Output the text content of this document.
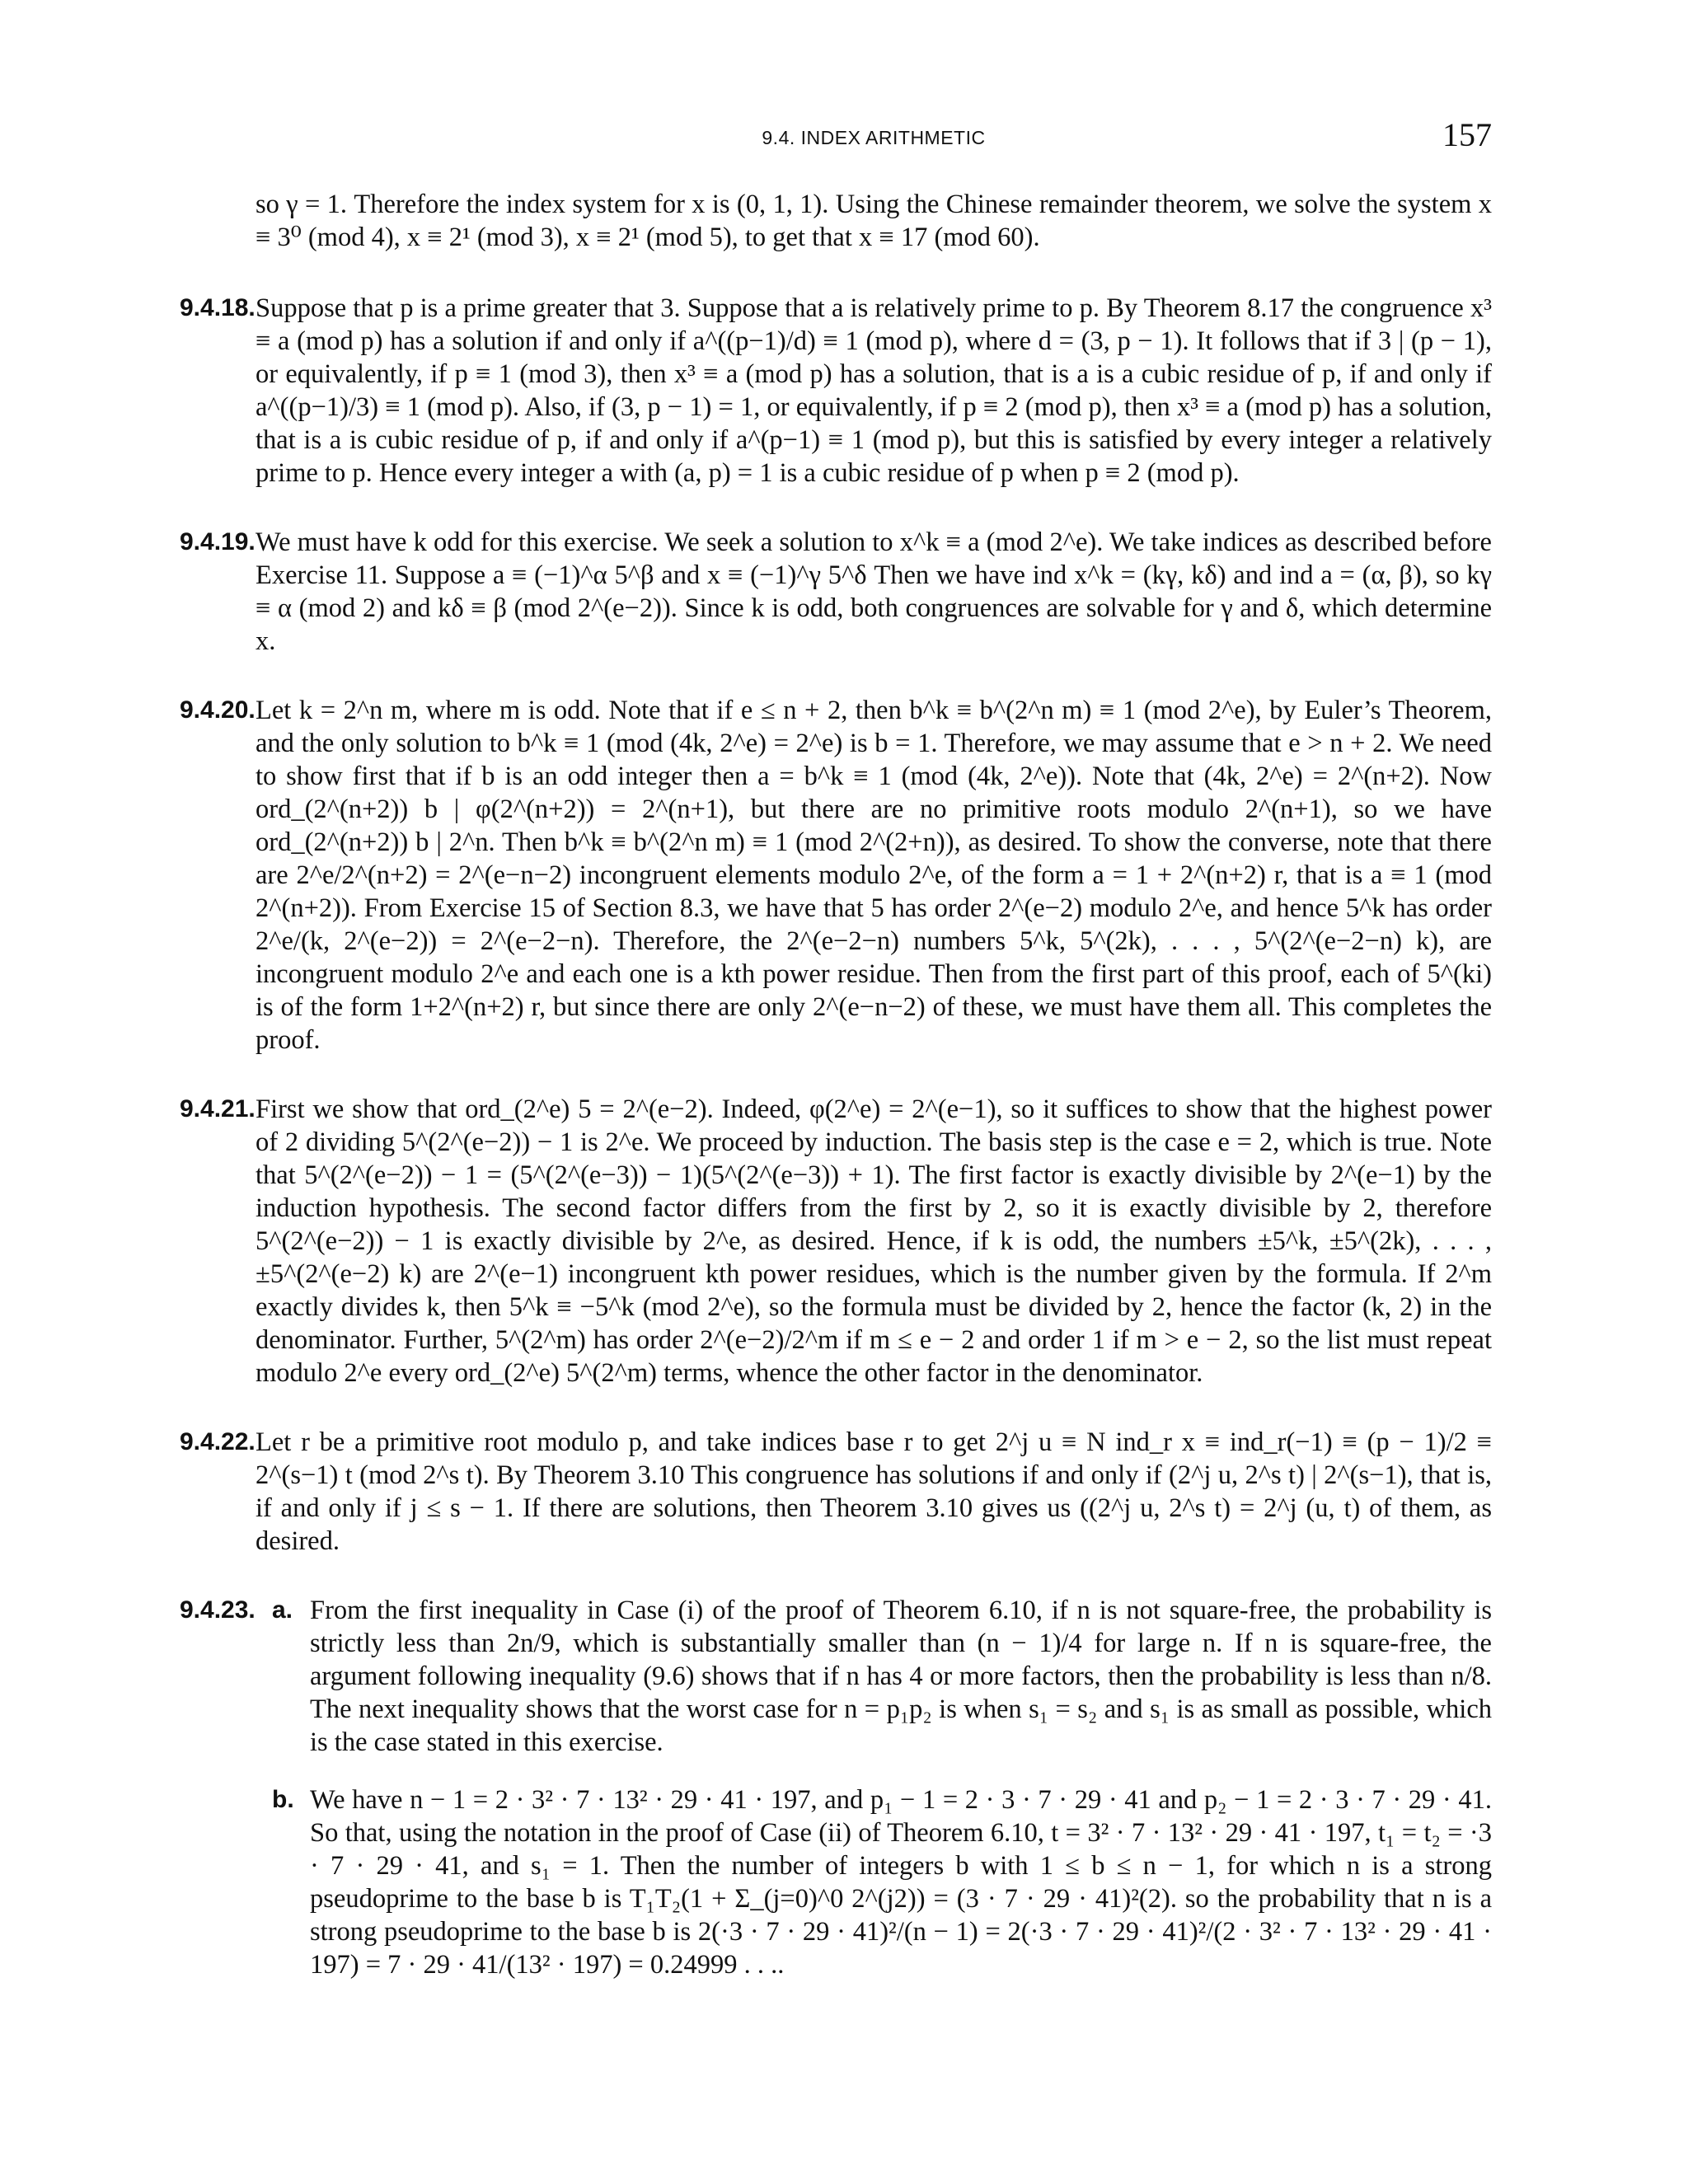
9.4. INDEX ARITHMETIC	157

so γ = 1. Therefore the index system for x is (0, 1, 1). Using the Chinese remainder theorem, we solve the system x ≡ 3⁰ (mod 4), x ≡ 2¹ (mod 3), x ≡ 2¹ (mod 5), to get that x ≡ 17 (mod 60).

9.4.18. Suppose that p is a prime greater that 3. Suppose that a is relatively prime to p. By Theorem 8.17 the congruence x³ ≡ a (mod p) has a solution if and only if a^((p−1)/d) ≡ 1 (mod p), where d = (3, p − 1). It follows that if 3 | (p − 1), or equivalently, if p ≡ 1 (mod 3), then x³ ≡ a (mod p) has a solution, that is a is a cubic residue of p, if and only if a^((p−1)/3) ≡ 1 (mod p). Also, if (3, p − 1) = 1, or equivalently, if p ≡ 2 (mod p), then x³ ≡ a (mod p) has a solution, that is a is cubic residue of p, if and only if a^(p−1) ≡ 1 (mod p), but this is satisfied by every integer a relatively prime to p. Hence every integer a with (a, p) = 1 is a cubic residue of p when p ≡ 2 (mod p).

9.4.19. We must have k odd for this exercise. We seek a solution to x^k ≡ a (mod 2^e). We take indices as described before Exercise 11. Suppose a ≡ (−1)^α 5^β and x ≡ (−1)^γ 5^δ Then we have ind x^k = (kγ, kδ) and ind a = (α, β), so kγ ≡ α (mod 2) and kδ ≡ β (mod 2^(e−2)). Since k is odd, both congruences are solvable for γ and δ, which determine x.

9.4.20. Let k = 2^n m, where m is odd. Note that if e ≤ n + 2, then b^k ≡ b^(2^n m) ≡ 1 (mod 2^e), by Euler’s Theorem, and the only solution to b^k ≡ 1 (mod (4k, 2^e) = 2^e) is b = 1. Therefore, we may assume that e > n + 2. We need to show first that if b is an odd integer then a = b^k ≡ 1 (mod (4k, 2^e)). Note that (4k, 2^e) = 2^(n+2). Now ord_(2^(n+2)) b | φ(2^(n+2)) = 2^(n+1), but there are no primitive roots modulo 2^(n+1), so we have ord_(2^(n+2)) b | 2^n. Then b^k ≡ b^(2^n m) ≡ 1 (mod 2^(2+n)), as desired. To show the converse, note that there are 2^e/2^(n+2) = 2^(e−n−2) incongruent elements modulo 2^e, of the form a = 1 + 2^(n+2) r, that is a ≡ 1 (mod 2^(n+2)). From Exercise 15 of Section 8.3, we have that 5 has order 2^(e−2) modulo 2^e, and hence 5^k has order 2^e/(k, 2^(e−2)) = 2^(e−2−n). Therefore, the 2^(e−2−n) numbers 5^k, 5^(2k), . . . , 5^(2^(e−2−n) k), are incongruent modulo 2^e and each one is a kth power residue. Then from the first part of this proof, each of 5^(ki) is of the form 1+2^(n+2) r, but since there are only 2^(e−n−2) of these, we must have them all. This completes the proof.

9.4.21. First we show that ord_(2^e) 5 = 2^(e−2). Indeed, φ(2^e) = 2^(e−1), so it suffices to show that the highest power of 2 dividing 5^(2^(e−2)) − 1 is 2^e. We proceed by induction. The basis step is the case e = 2, which is true. Note that 5^(2^(e−2)) − 1 = (5^(2^(e−3)) − 1)(5^(2^(e−3)) + 1). The first factor is exactly divisible by 2^(e−1) by the induction hypothesis. The second factor differs from the first by 2, so it is exactly divisible by 2, therefore 5^(2^(e−2)) − 1 is exactly divisible by 2^e, as desired. Hence, if k is odd, the numbers ±5^k, ±5^(2k), . . . , ±5^(2^(e−2) k) are 2^(e−1) incongruent kth power residues, which is the number given by the formula. If 2^m exactly divides k, then 5^k ≡ −5^k (mod 2^e), so the formula must be divided by 2, hence the factor (k, 2) in the denominator. Further, 5^(2^m) has order 2^(e−2)/2^m if m ≤ e − 2 and order 1 if m > e − 2, so the list must repeat modulo 2^e every ord_(2^e) 5^(2^m) terms, whence the other factor in the denominator.

9.4.22. Let r be a primitive root modulo p, and take indices base r to get 2^j u ≡ N ind_r x ≡ ind_r(−1) ≡ (p − 1)/2 ≡ 2^(s−1) t (mod 2^s t). By Theorem 3.10 This congruence has solutions if and only if (2^j u, 2^s t) | 2^(s−1), that is, if and only if j ≤ s − 1. If there are solutions, then Theorem 3.10 gives us ((2^j u, 2^s t) = 2^j (u, t) of them, as desired.

9.4.23. a. From the first inequality in Case (i) of the proof of Theorem 6.10, if n is not square-free, the probability is strictly less than 2n/9, which is substantially smaller than (n − 1)/4 for large n. If n is square-free, the argument following inequality (9.6) shows that if n has 4 or more factors, then the probability is less than n/8. The next inequality shows that the worst case for n = p₁p₂ is when s₁ = s₂ and s₁ is as small as possible, which is the case stated in this exercise.

b. We have n − 1 = 2 · 3² · 7 · 13² · 29 · 41 · 197, and p₁ − 1 = 2 · 3 · 7 · 29 · 41 and p₂ − 1 = 2 · 3 · 7 · 29 · 41. So that, using the notation in the proof of Case (ii) of Theorem 6.10, t = 3² · 7 · 13² · 29 · 41 · 197, t₁ = t₂ = ·3 · 7 · 29 · 41, and s₁ = 1. Then the number of integers b with 1 ≤ b ≤ n − 1, for which n is a strong pseudoprime to the base b is T₁T₂(1 + Σ_(j=0)^0 2^(j2)) = (3 · 7 · 29 · 41)²(2). so the probability that n is a strong pseudoprime to the base b is 2(·3 · 7 · 29 · 41)²/(n − 1) = 2(·3 · 7 · 29 · 41)²/(2 · 3² · 7 · 13² · 29 · 41 · 197) = 7 · 29 · 41/(13² · 197) = 0.24999 . . ..
